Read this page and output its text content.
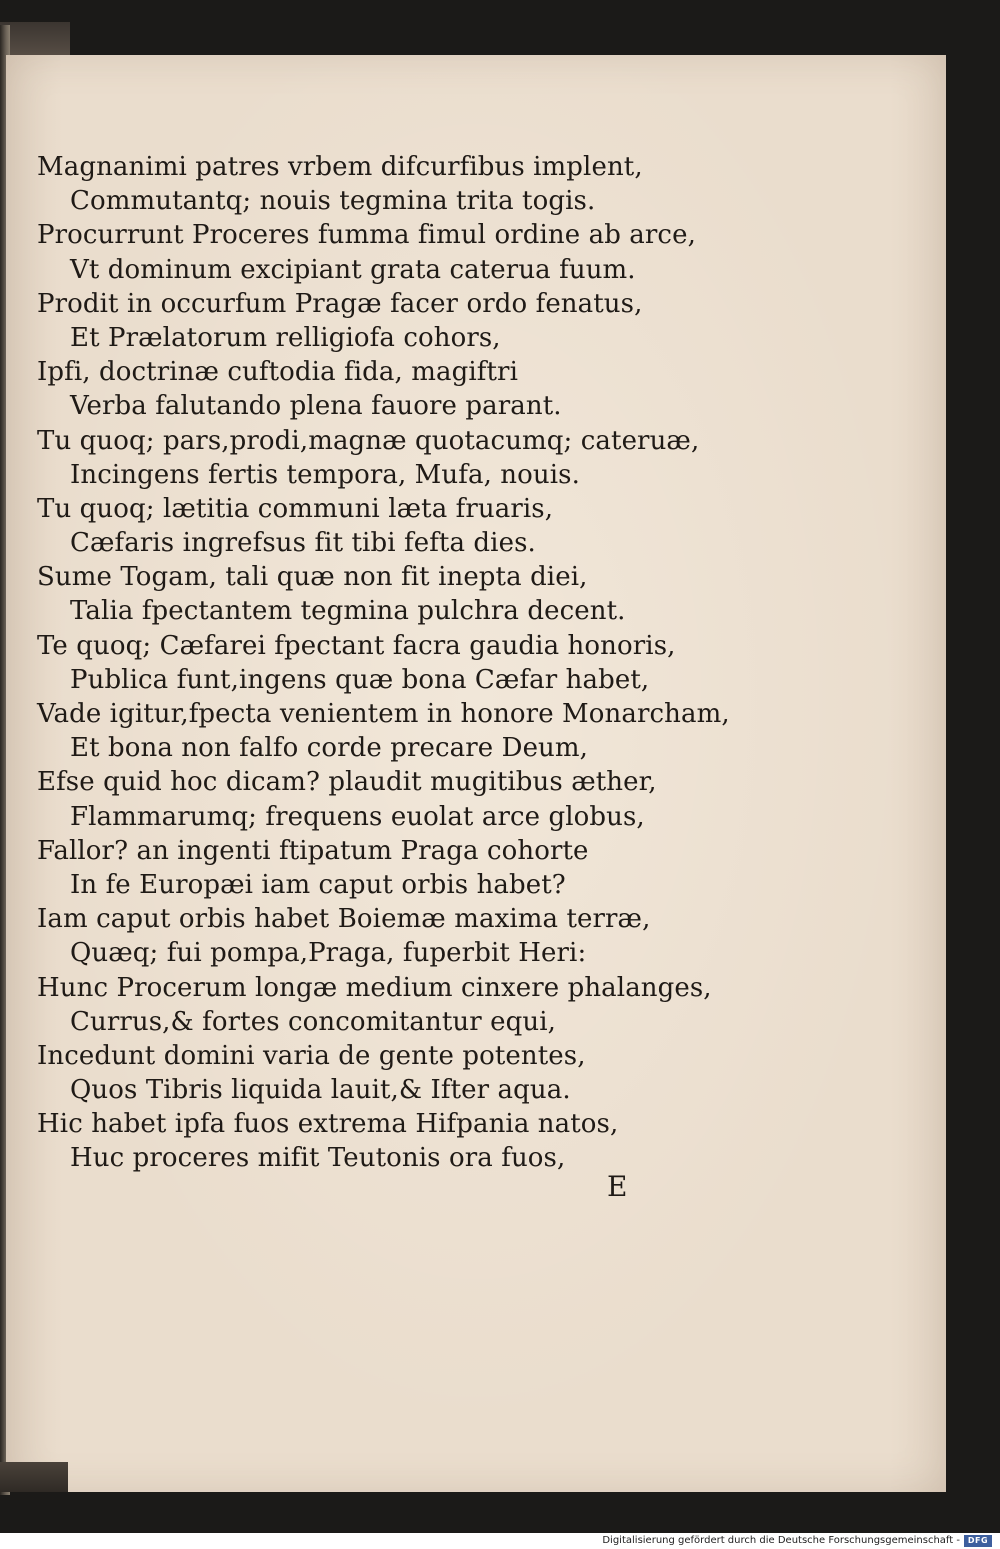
Magnanimi patres vrbem difcurfibus implent,
Commutantq; nouis tegmina trita togis.
Procurrunt Proceres fumma fimul ordine ab arce,
Vt dominum excipiant grata caterua fuum.
Prodit in occurfum Pragæ facer ordo fenatus,
Et Prælatorum relligiofa cohors,
Ipfi, doctrinæ cuftodia fida, magiftri
Verba falutando plena fauore parant.
Tu quoq; pars,prodi,magnæ quotacumq; cateruæ,
Incingens fertis tempora, Mufa, nouis.
Tu quoq; lætitia communi læta fruaris,
Cæfaris ingrefsus fit tibi fefta dies.
Sume Togam, tali quæ non fit inepta diei,
Talia fpectantem tegmina pulchra decent.
Te quoq; Cæfarei fpectant facra gaudia honoris,
Publica funt,ingens quæ bona Cæfar habet,
Vade igitur,fpecta venientem in honore Monarcham,
Et bona non falfo corde precare Deum,
Efse quid hoc dicam? plaudit mugitibus æther,
Flammarumq; frequens euolat arce globus,
Fallor? an ingenti ftipatum Praga cohorte
In fe Europæi iam caput orbis habet?
Iam caput orbis habet Boiemæ maxima terræ,
Quæq; fui pompa,Praga, fuperbit Heri:
Hunc Procerum longæ medium cinxere phalanges,
Currus,& fortes concomitantur equi,
Incedunt domini varia de gente potentes,
Quos Tibris liquida lauit,& Ifter aqua.
Hic habet ipfa fuos extrema Hifpania natos,
Huc proceres mifit Teutonis ora fuos,
E
Digitalisierung gefördert durch die Deutsche Forschungsgemeinschaft - DFG
